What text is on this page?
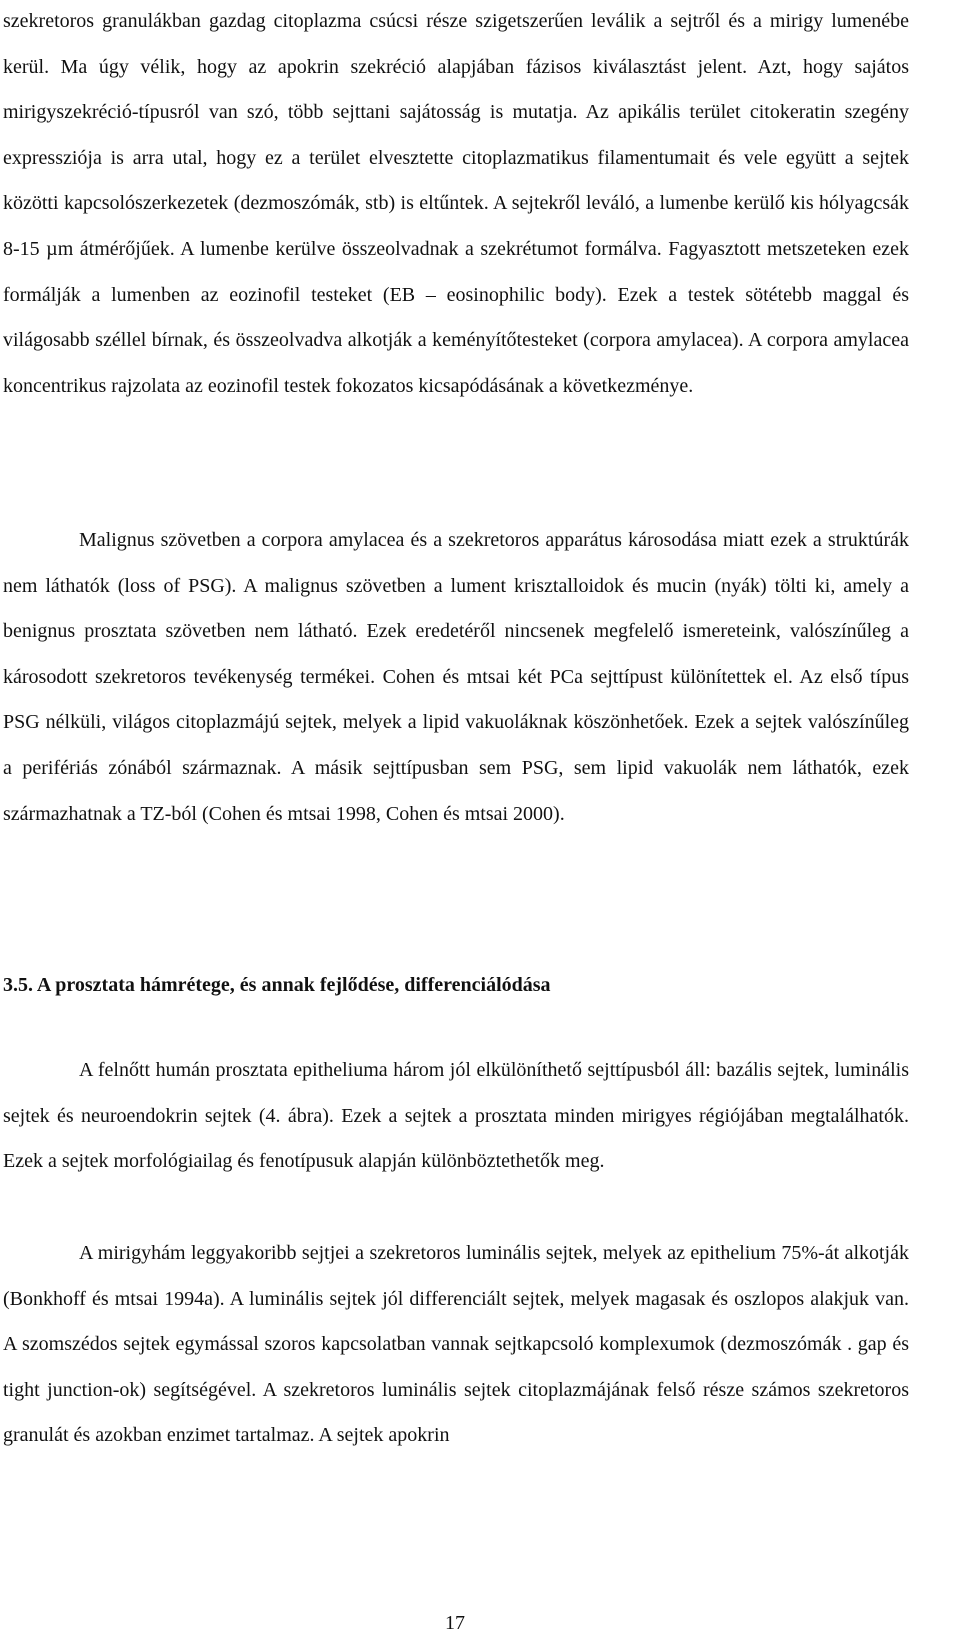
szekretoros granulákban gazdag citoplazma csúcsi része szigetszerűen leválik a sejtről és a mirigy lumenébe kerül. Ma úgy vélik, hogy az apokrin szekréció alapjában fázisos kiválasztást jelent. Azt, hogy sajátos mirigyszekréció-típusról van szó, több sejttani sajátosság is mutatja. Az apikális terület citokeratin szegény expressziója is arra utal, hogy ez a terület elvesztette citoplazmatikus filamentumait és vele együtt a sejtek közötti kapcsolószerkezetek (dezmoszómák, stb) is eltűntek. A sejtekről leváló, a lumenbe kerülő kis hólyagcsák 8-15 µm átmérőjűek. A lumenbe kerülve összeolvadnak a szekrétumot formálva. Fagyasztott metszeteken ezek formálják a lumenben az eozinofil testeket (EB – eosinophilic body). Ezek a testek sötétebb maggal és világosabb széllel bírnak, és összeolvadva alkotják a keményítőtesteket (corpora amylacea). A corpora amylacea koncentrikus rajzolata az eozinofil testek fokozatos kicsapódásának a következménye.

Malignus szövetben a corpora amylacea és a szekretoros apparátus károsodása miatt ezek a struktúrák nem láthatók (loss of PSG). A malignus szövetben a lument krisztalloidok és mucin (nyák) tölti ki, amely a benignus prosztata szövetben nem látható. Ezek eredetéről nincsenek megfelelő ismereteink, valószínűleg a károsodott szekretoros tevékenység termékei. Cohen és mtsai két PCa sejttípust különítettek el. Az első típus PSG nélküli, világos citoplazmájú sejtek, melyek a lipid vakuoláknak köszönhetőek. Ezek a sejtek valószínűleg a perifériás zónából származnak. A másik sejttípusban sem PSG, sem lipid vakuolák nem láthatók, ezek származhatnak a TZ-ból (Cohen és mtsai 1998, Cohen és mtsai 2000).

3.5. A prosztata hámrétege, és annak fejlődése, differenciálódása

A felnőtt humán prosztata epitheliuma három jól elkülöníthető sejttípusból áll: bazális sejtek, luminális sejtek és neuroendokrin sejtek (4. ábra). Ezek a sejtek a prosztata minden mirigyes régiójában megtalálhatók. Ezek a sejtek morfológiailag és fenotípusuk alapján különböztethetők meg.

A mirigyhám leggyakoribb sejtjei a szekretoros luminális sejtek, melyek az epithelium 75%-át alkotják (Bonkhoff és mtsai 1994a). A luminális sejtek jól differenciált sejtek, melyek magasak és oszlopos alakjuk van. A szomszédos sejtek egymással szoros kapcsolatban vannak sejtkapcsoló komplexumok (dezmoszómák . gap és tight junction-ok) segítségével. A szekretoros luminális sejtek citoplazmájának felső része számos szekretoros granulát és azokban enzimet tartalmaz. A sejtek apokrin

17
